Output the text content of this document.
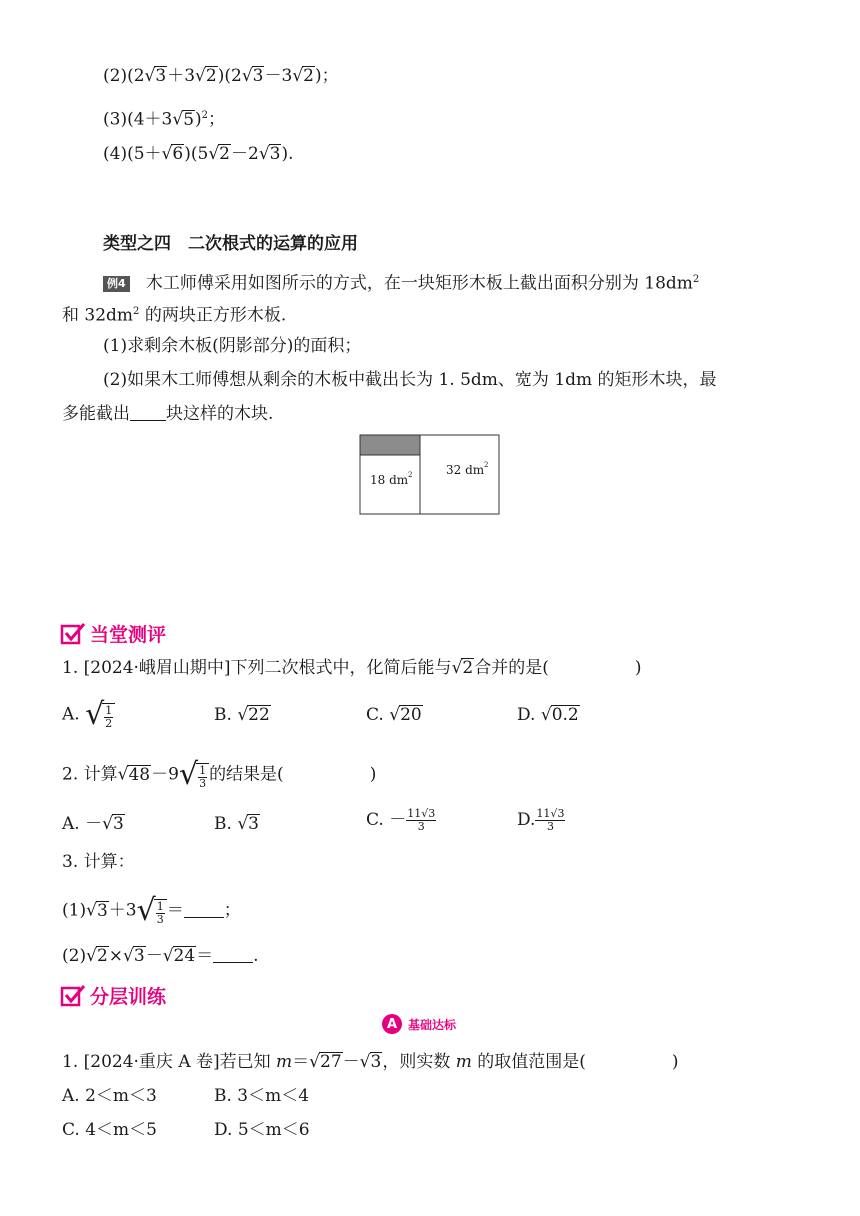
(2)(2√3＋3√2)(2√3－3√2)；
$(3)(4+3√5)^2$；
(4)(5＋√6)(5√2－2√3).
类型之四　二次根式的运算的应用
例4 木工师傅采用如图所示的方式，在一块矩形木板上截出面积分别为 $18dm^2$
和 $32dm^2$ 的两块正方形木板.
(1)求剩余木板(阴影部分)的面积；
(2)如果木工师傅想从剩余的木板中截出长为 1. 5dm、宽为 1dm 的矩形木块，最
多能截出 块这样的木块.
18 dm 2	32 dm 2
当堂测评
1. [2024·峨眉山期中]下列二次根式中，化简后能与√2合并的是(	)
A. √ $\frac{1}{2}$	B. √22	C. √20	D. √0.2
2. 计算√48－9 √ $\frac{1}{3}$ 的结果是(	)
A. －√3	B. √3	C. － $\frac{11√3}{3}$	D. $\frac{11√3}{3}$
3. 计算：
(1)√3＋3 √ $\frac{1}{3}$ ＝ ；
(2)√2×√3－√24＝ .
分层训练
A 基础达标
1. [2024·重庆 A 卷]若已知 m＝√27－√3，则实数 m 的取值范围是(	)
A. 2＜m＜3	B. 3＜m＜4
C. 4＜m＜5	D. 5＜m＜6
